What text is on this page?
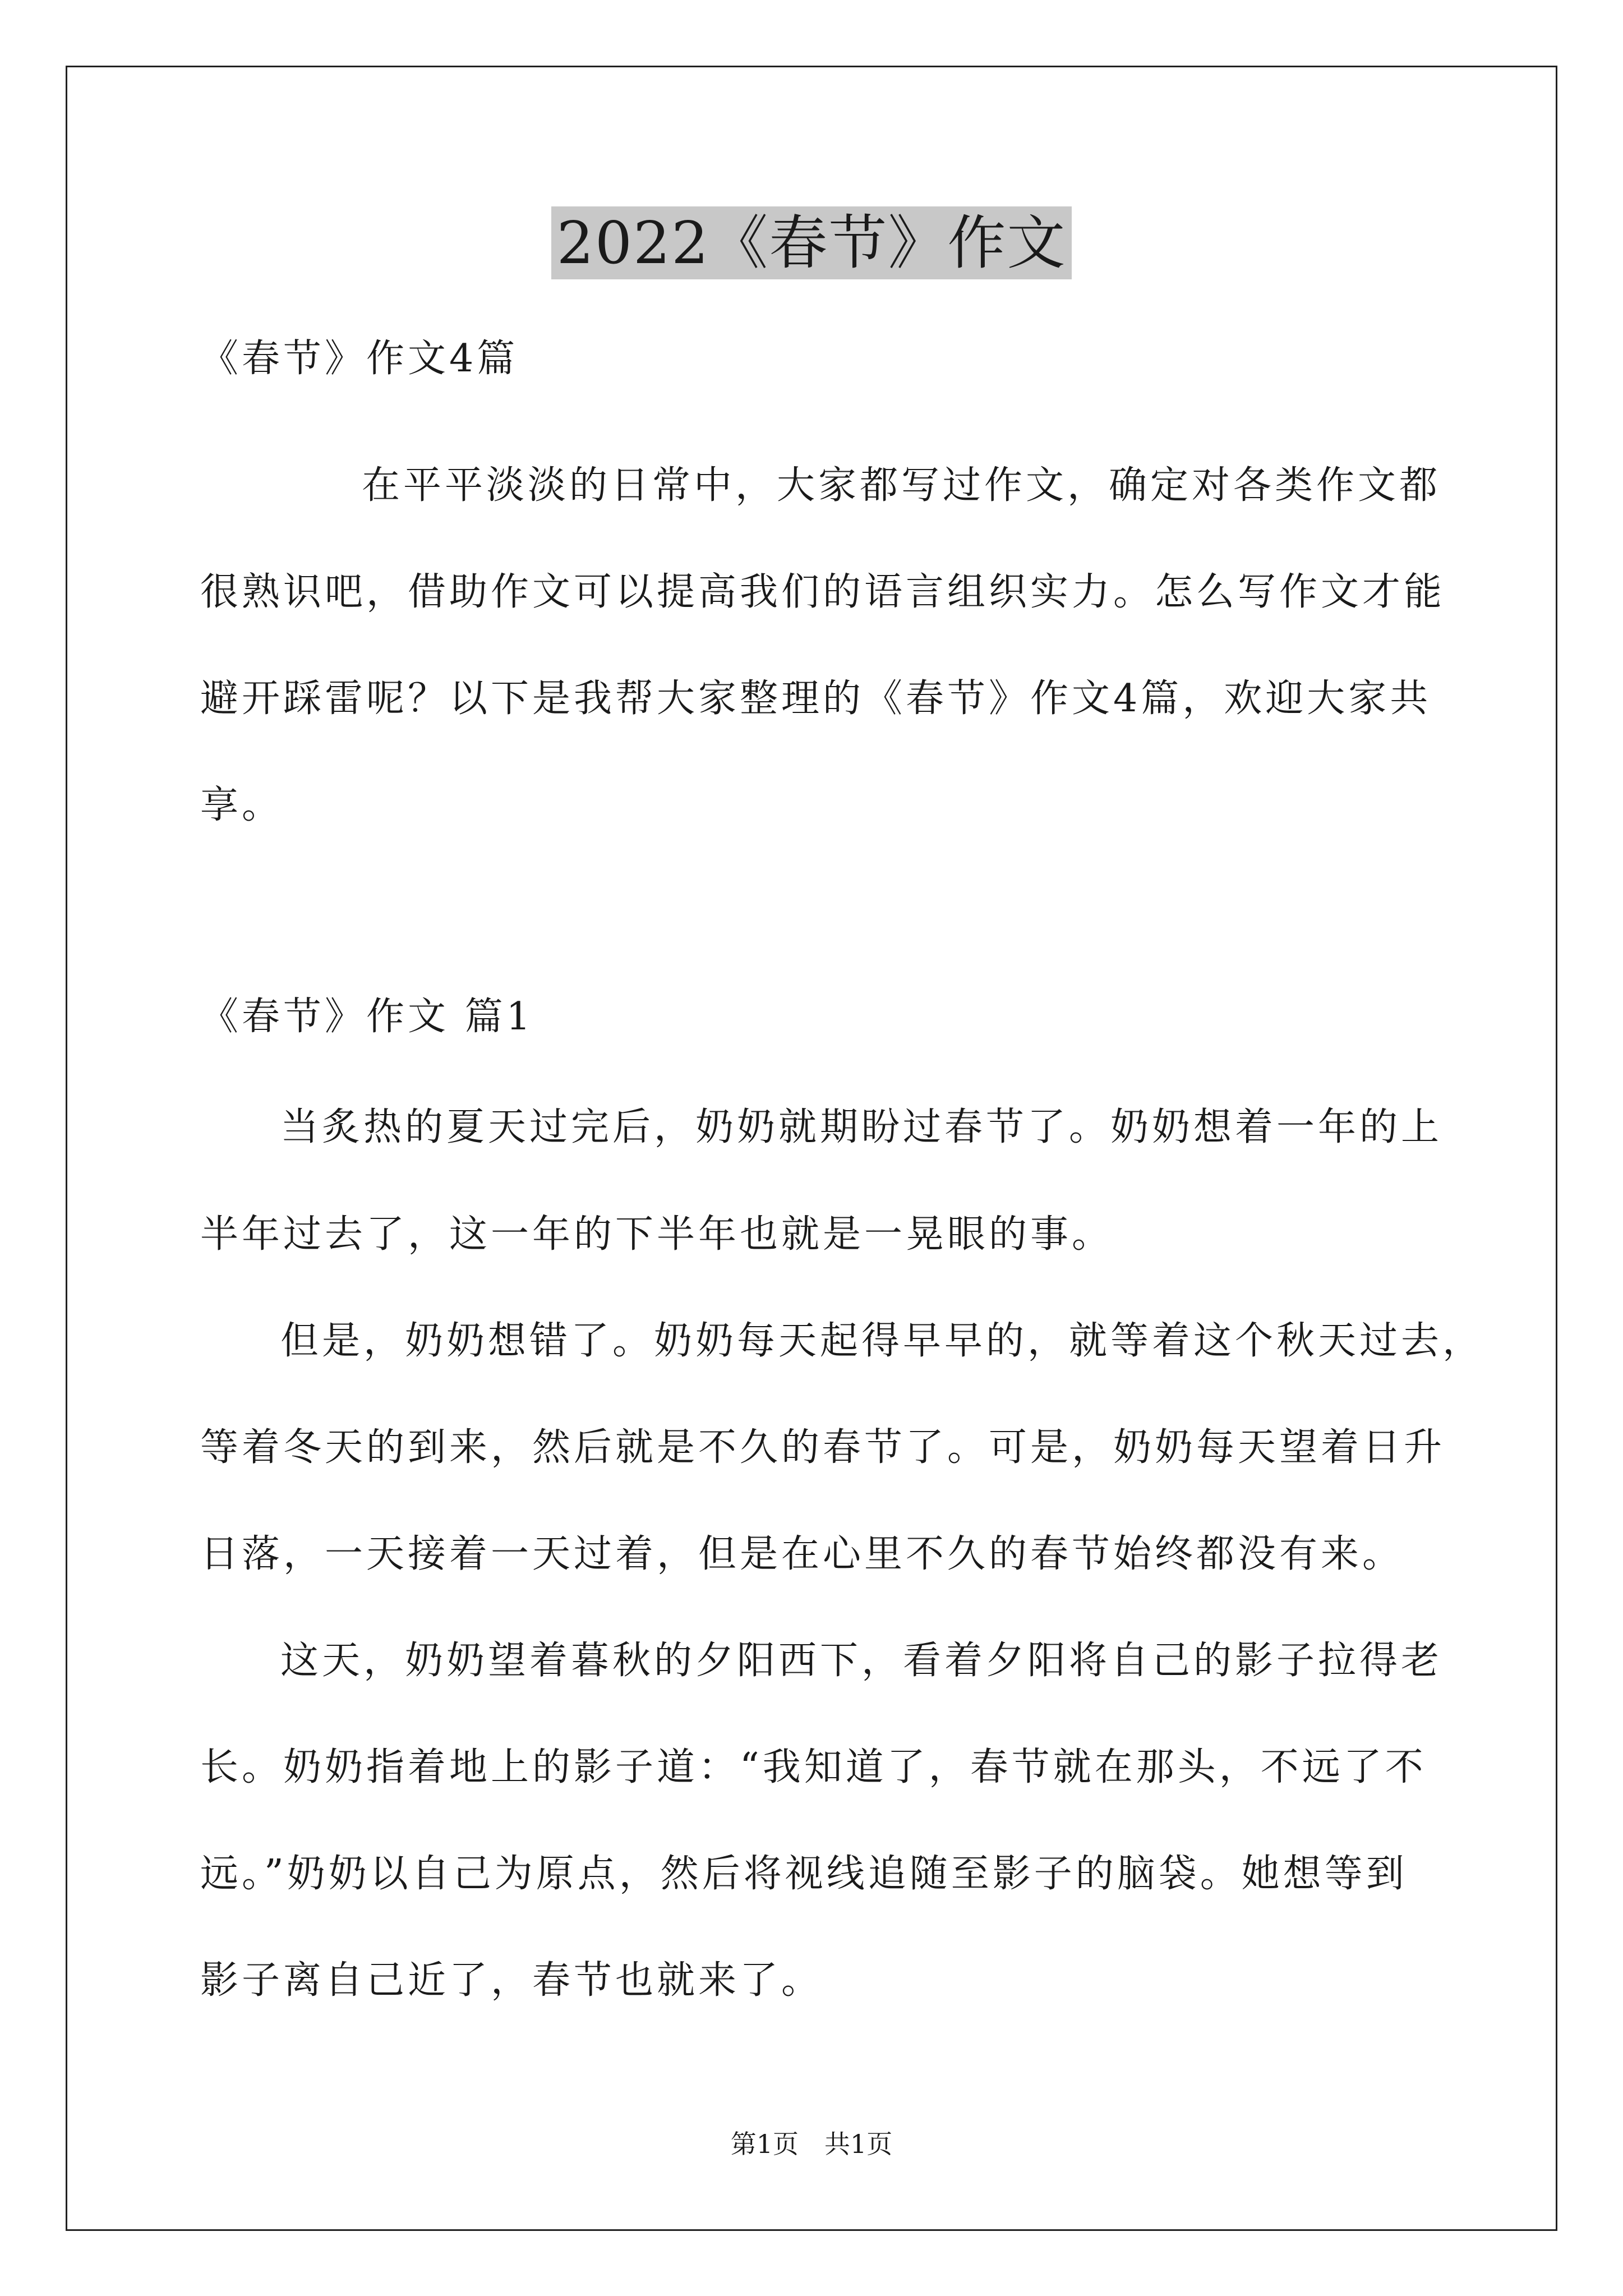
2022《春节》作文
《春节》作文4篇
在平平淡淡的日常中，大家都写过作文，确定对各类作文都
很熟识吧，借助作文可以提高我们的语言组织实力。怎么写作文才能
避开踩雷呢？以下是我帮大家整理的《春节》作文4篇，欢迎大家共
享。
《春节》作文 篇1
当炙热的夏天过完后，奶奶就期盼过春节了。奶奶想着一年的上
半年过去了，这一年的下半年也就是一晃眼的事。
但是，奶奶想错了。奶奶每天起得早早的，就等着这个秋天过去，
等着冬天的到来，然后就是不久的春节了。可是，奶奶每天望着日升
日落，一天接着一天过着，但是在心里不久的春节始终都没有来。
这天，奶奶望着暮秋的夕阳西下，看着夕阳将自己的影子拉得老
长。奶奶指着地上的影子道：“我知道了，春节就在那头，不远了不
远。”奶奶以自己为原点，然后将视线追随至影子的脑袋。她想等到
影子离自己近了，春节也就来了。
第1页　共1页
